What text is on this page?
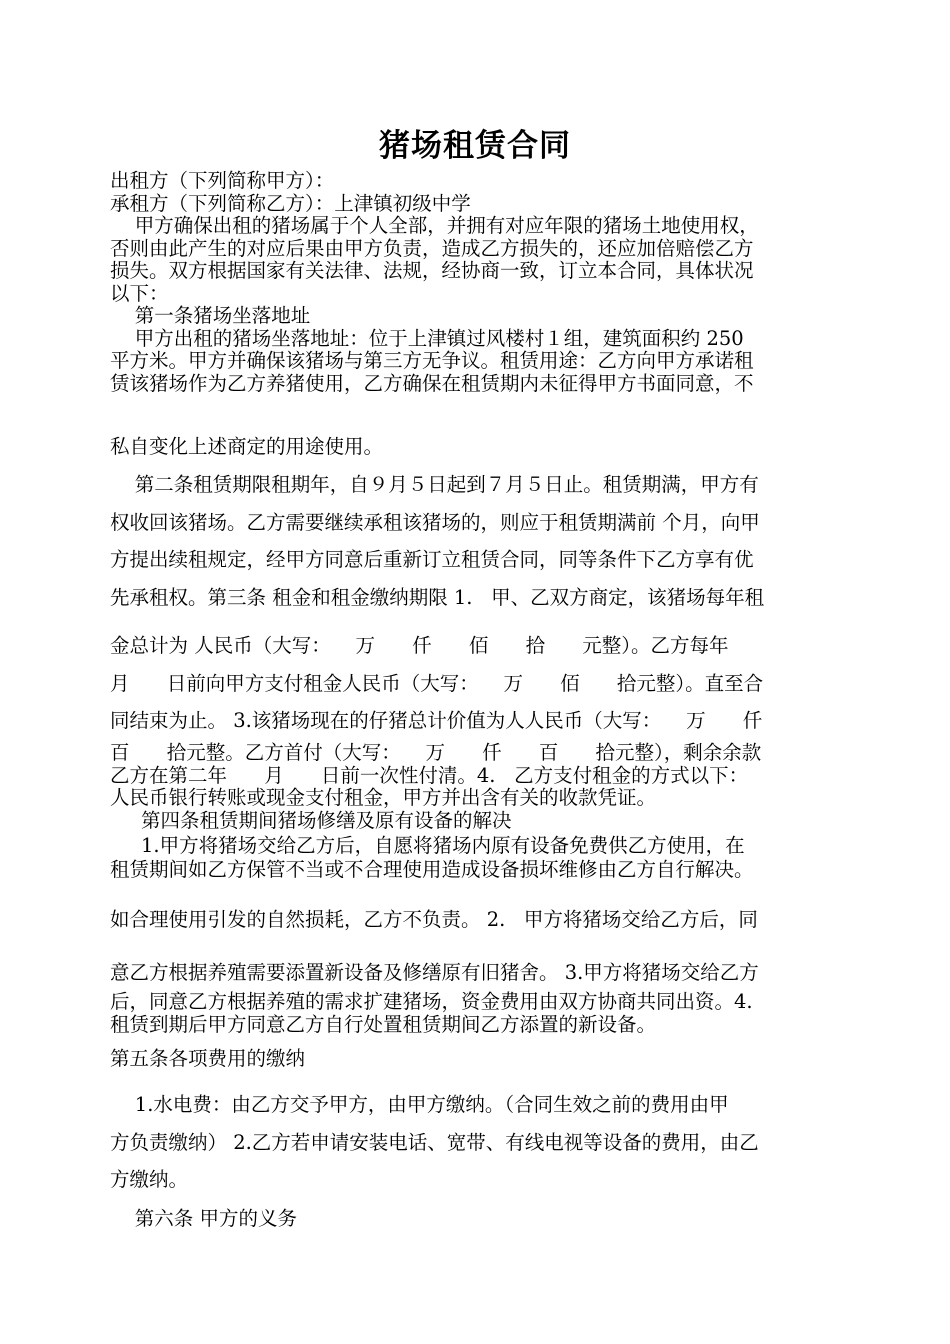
猪场租赁合同
出租方（下列简称甲方）：
承租方（下列简称乙方）：上津镇初级中学
甲方确保出租的猪场属于个人全部，并拥有对应年限的猪场土地使用权，
否则由此产生的对应后果由甲方负责，造成乙方损失的，还应加倍赔偿乙方
损失。双方根据国家有关法律、法规，经协商一致，订立本合同，具体状况
以下：
第一条猪场坐落地址
甲方出租的猪场坐落地址：位于上津镇过风楼村１组，建筑面积约 250
平方米。甲方并确保该猪场与第三方无争议。租赁用途：乙方向甲方承诺租
赁该猪场作为乙方养猪使用，乙方确保在租赁期内未征得甲方书面同意，不
私自变化上述商定的用途使用。
第二条租赁期限租期年，自９月５日起到７月５日止。租赁期满，甲方有
权收回该猪场。乙方需要继续承租该猪场的，则应于租赁期满前 个月，向甲
方提出续租规定，经甲方同意后重新订立租赁合同，同等条件下乙方享有优
先承租权。第三条 租金和租金缴纳期限 1.   甲、乙双方商定，该猪场每年租
金总计为 人民币（大写：    万      仟      佰      拾      元整）。乙方每年
月      日前向甲方支付租金人民币（大写：    万      佰      拾元整）。直至合
同结束为止。 3.该猪场现在的仔猪总计价值为人人民币（大写：    万      仟
百      拾元整。乙方首付（大写：    万      仟      百      拾元整），剩余余款
乙方在第二年      月      日前一次性付清。4.   乙方支付租金的方式以下：
人民币银行转账或现金支付租金，甲方并出含有关的收款凭证。
第四条租赁期间猪场修缮及原有设备的解决
1.甲方将猪场交给乙方后，自愿将猪场内原有设备免费供乙方使用，在
租赁期间如乙方保管不当或不合理使用造成设备损坏维修由乙方自行解决。
如合理使用引发的自然损耗，乙方不负责。 2.   甲方将猪场交给乙方后，同
意乙方根据养殖需要添置新设备及修缮原有旧猪舍。 3.甲方将猪场交给乙方
后，同意乙方根据养殖的需求扩建猪场，资金费用由双方协商共同出资。4.
租赁到期后甲方同意乙方自行处置租赁期间乙方添置的新设备。
第五条各项费用的缴纳
1.水电费：由乙方交予甲方，由甲方缴纳。（合同生效之前的费用由甲
方负责缴纳） 2.乙方若申请安装电话、宽带、有线电视等设备的费用，由乙
方缴纳。
第六条 甲方的义务
